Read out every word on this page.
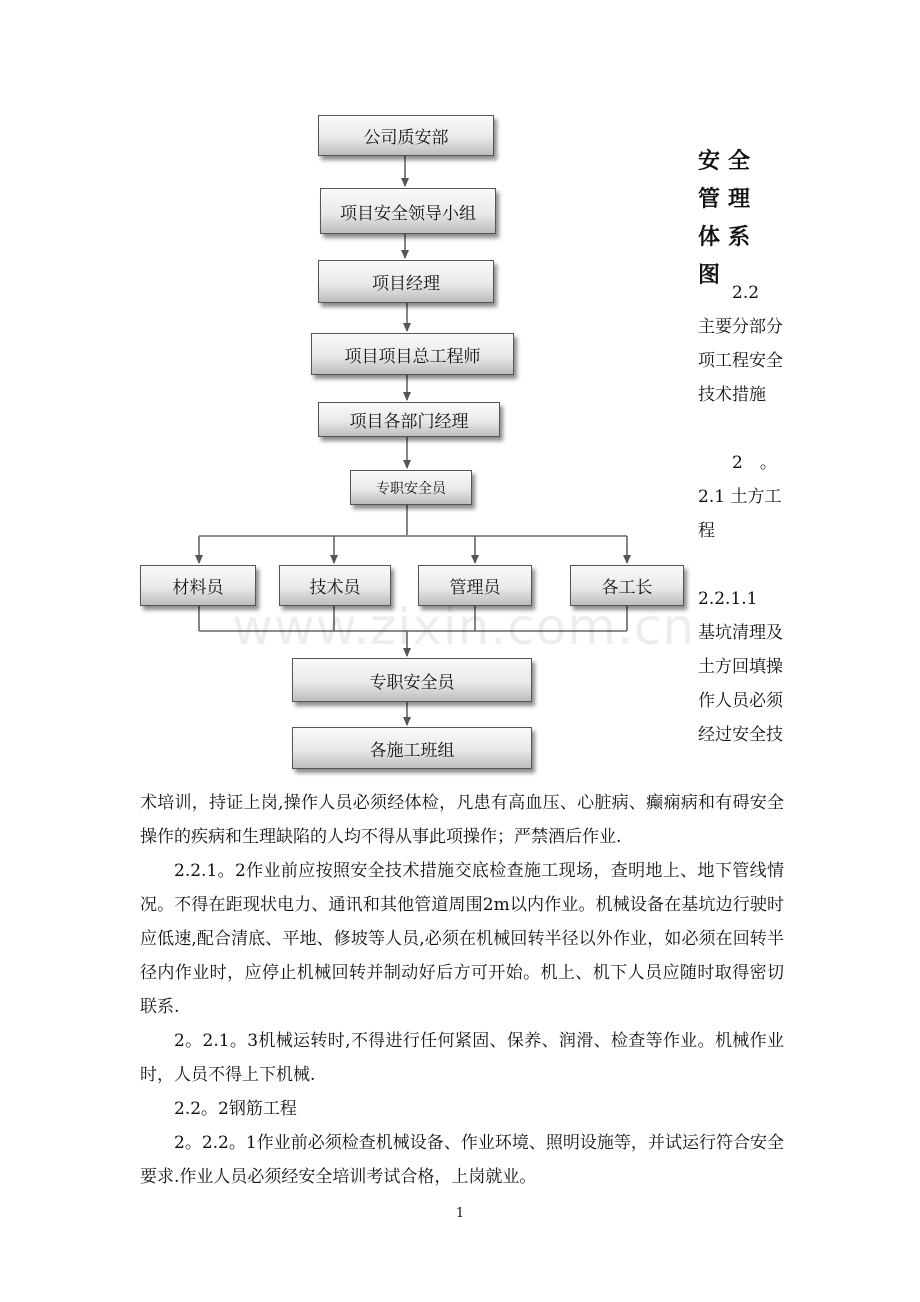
公司质安部
项目安全领导小组
项目经理
项目项目总工程师
项目各部门经理
专职安全员
材料员	技术员	管理员	各工长
专职安全员
各施工班组
安全管理体系图
2.2
主要分部分项工程安全技术措施
2　。
2.1 土方工程
2.2.1.1
基坑清理及土方回填操作人员必须经过安全技

术培训，持证上岗,操作人员必须经体检，凡患有高血压、心脏病、癫痫病和有碍安全操作的疾病和生理缺陷的人均不得从事此项操作；严禁酒后作业.

2.2.1。2作业前应按照安全技术措施交底检查施工现场，查明地上、地下管线情况。不得在距现状电力、通讯和其他管道周围2m以内作业。机械设备在基坑边行驶时应低速,配合清底、平地、修坡等人员,必须在机械回转半径以外作业，如必须在回转半径内作业时，应停止机械回转并制动好后方可开始。机上、机下人员应随时取得密切联系.

2。2.1。3机械运转时,不得进行任何紧固、保养、润滑、检查等作业。机械作业时，人员不得上下机械.

2.2。2钢筋工程

2。2.2。1作业前必须检查机械设备、作业环境、照明设施等，并试运行符合安全要求.作业人员必须经安全培训考试合格，上岗就业。

www.zixin.com.cn
1
